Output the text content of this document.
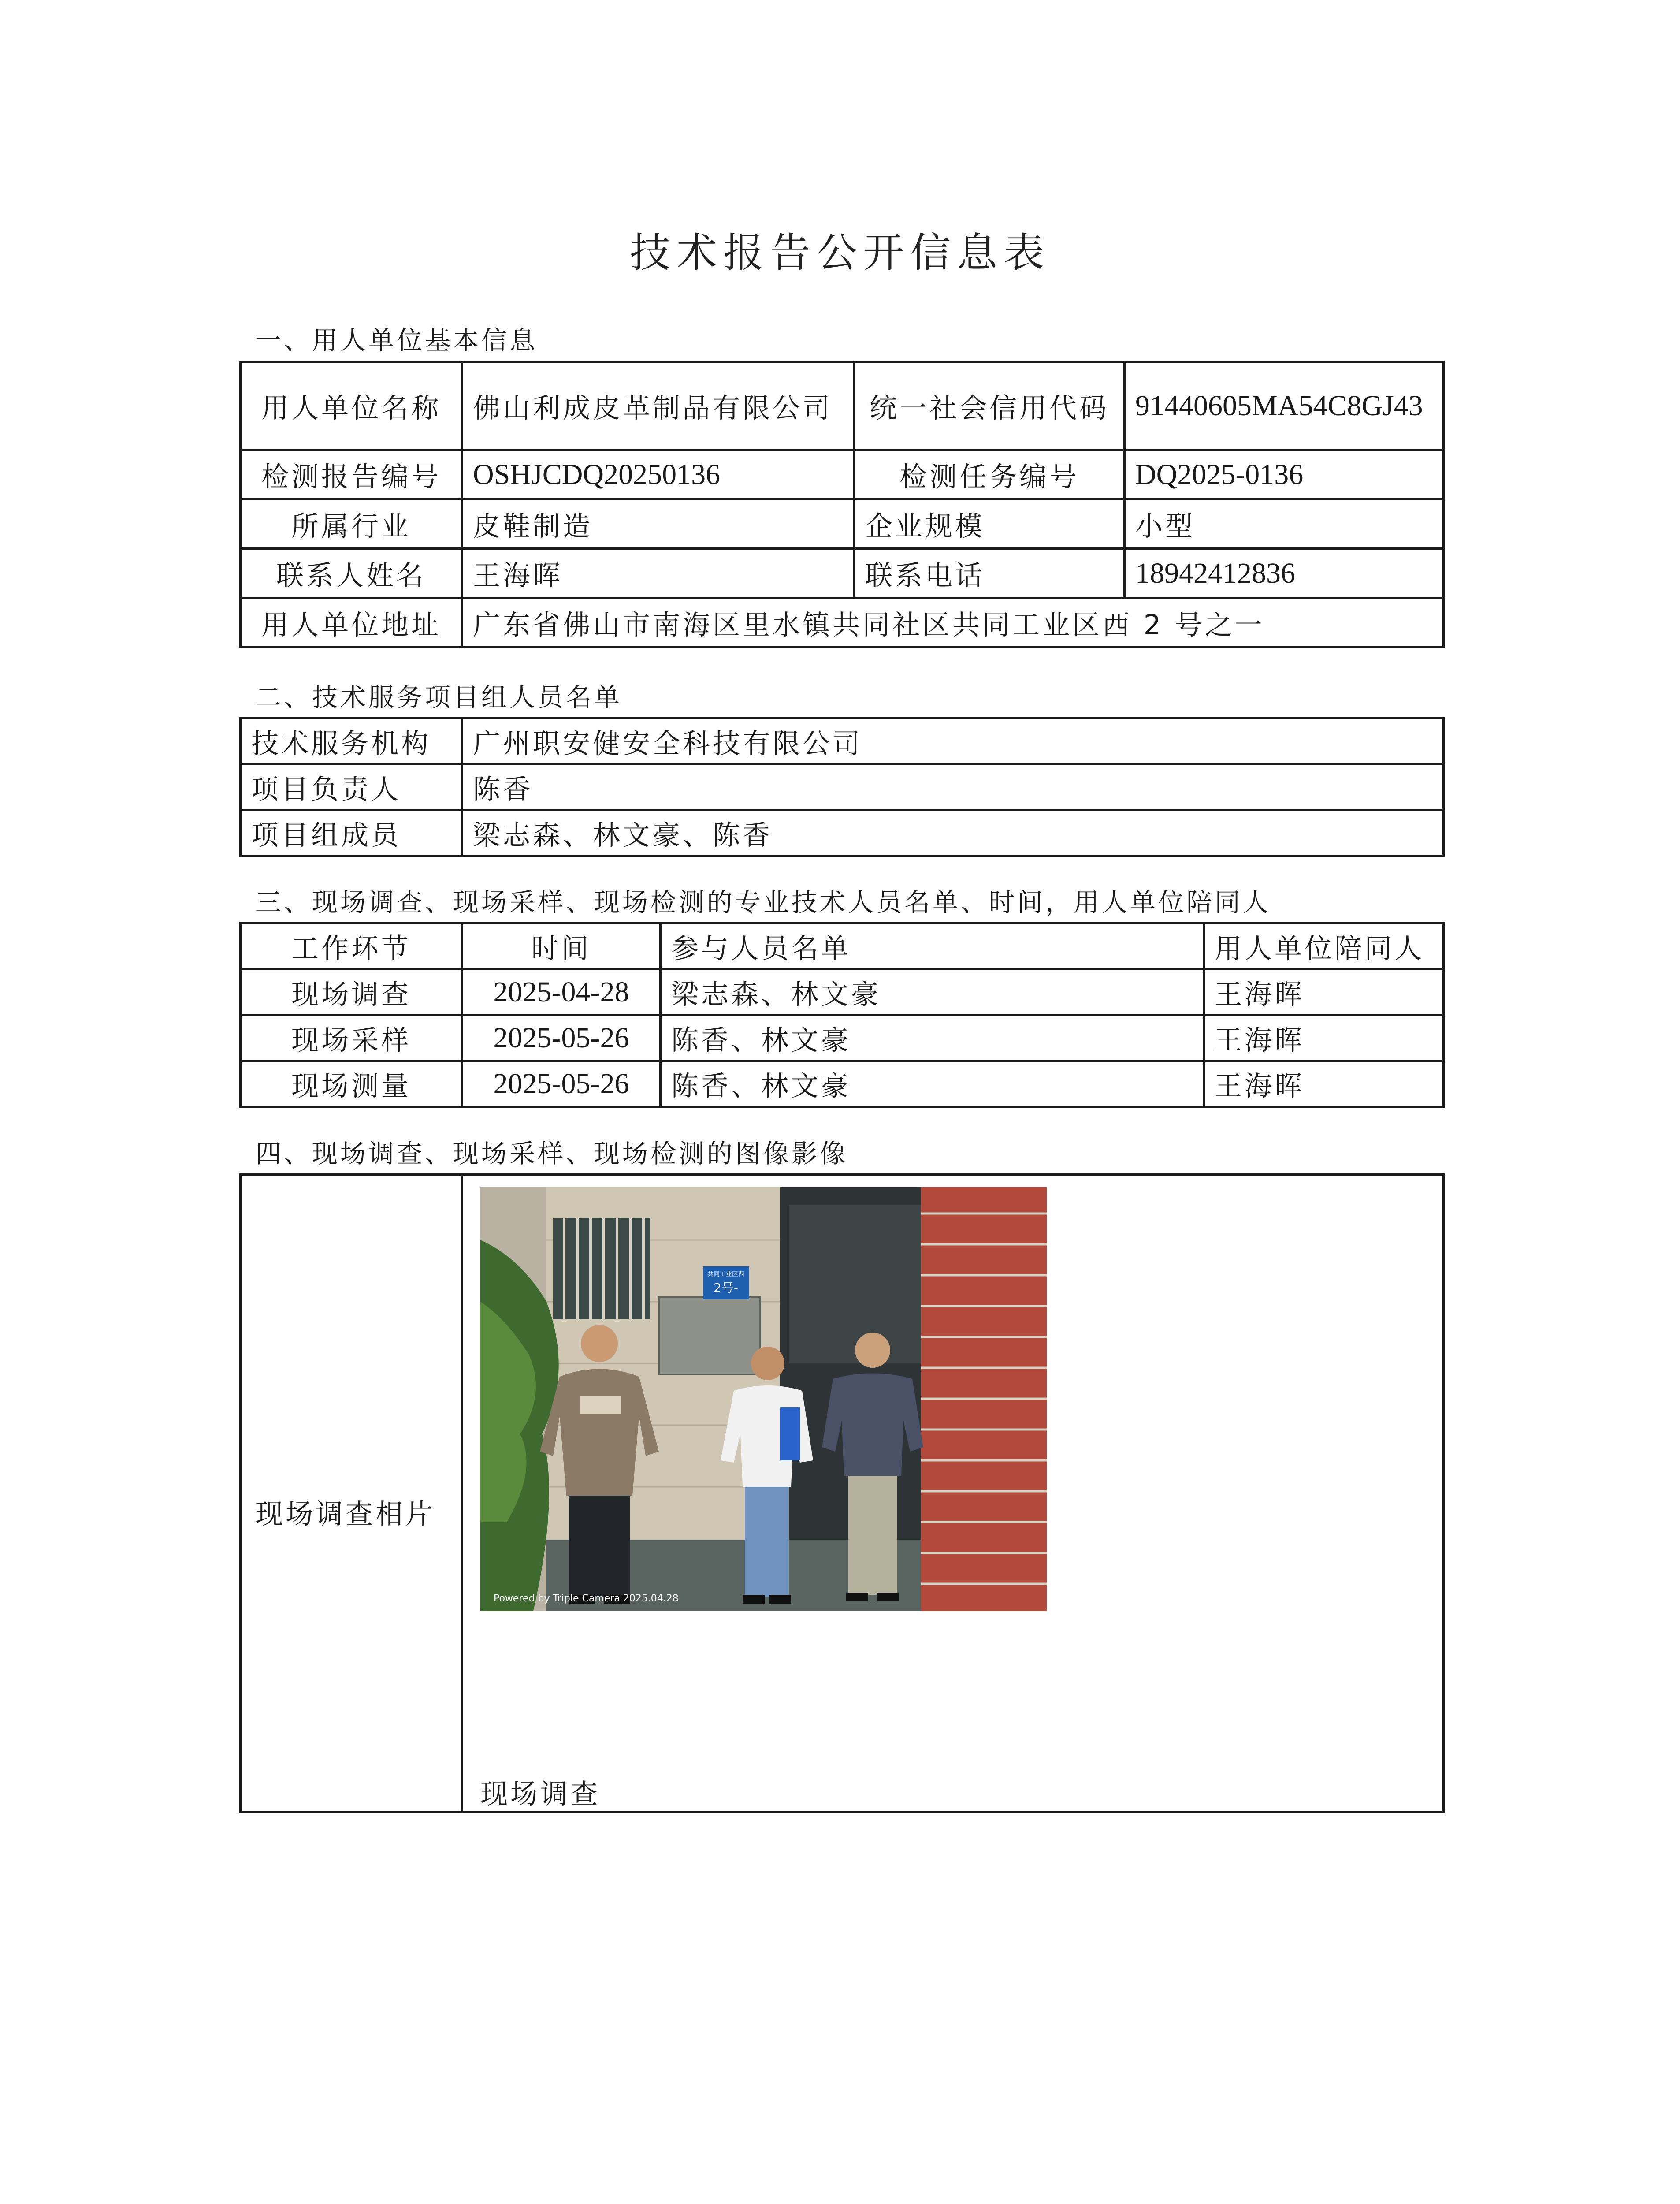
技术报告公开信息表
一、用人单位基本信息
用人单位名称	佛山利成皮革制品有限公司	统一社会信用代码	91440605MA54C8GJ43
检测报告编号	OSHJCDQ20250136	检测任务编号	DQ2025-0136
所属行业	皮鞋制造	企业规模	小型
联系人姓名	王海晖	联系电话	18942412836
用人单位地址	广东省佛山市南海区里水镇共同社区共同工业区西 2 号之一		
二、技术服务项目组人员名单
技术服务机构	广州职安健安全科技有限公司
项目负责人	陈香
项目组成员	梁志森、林文豪、陈香
三、现场调查、现场采样、现场检测的专业技术人员名单、时间，用人单位陪同人
工作环节	时间	参与人员名单	用人单位陪同人
现场调查	2025-04-28	梁志森、林文豪	王海晖
现场采样	2025-05-26	陈香、林文豪	王海晖
现场测量	2025-05-26	陈香、林文豪	王海晖
四、现场调查、现场采样、现场检测的图像影像

现场调查相片
共同工业区西
2号-
Powered by Triple Camera 2025.04.28
现场调查
